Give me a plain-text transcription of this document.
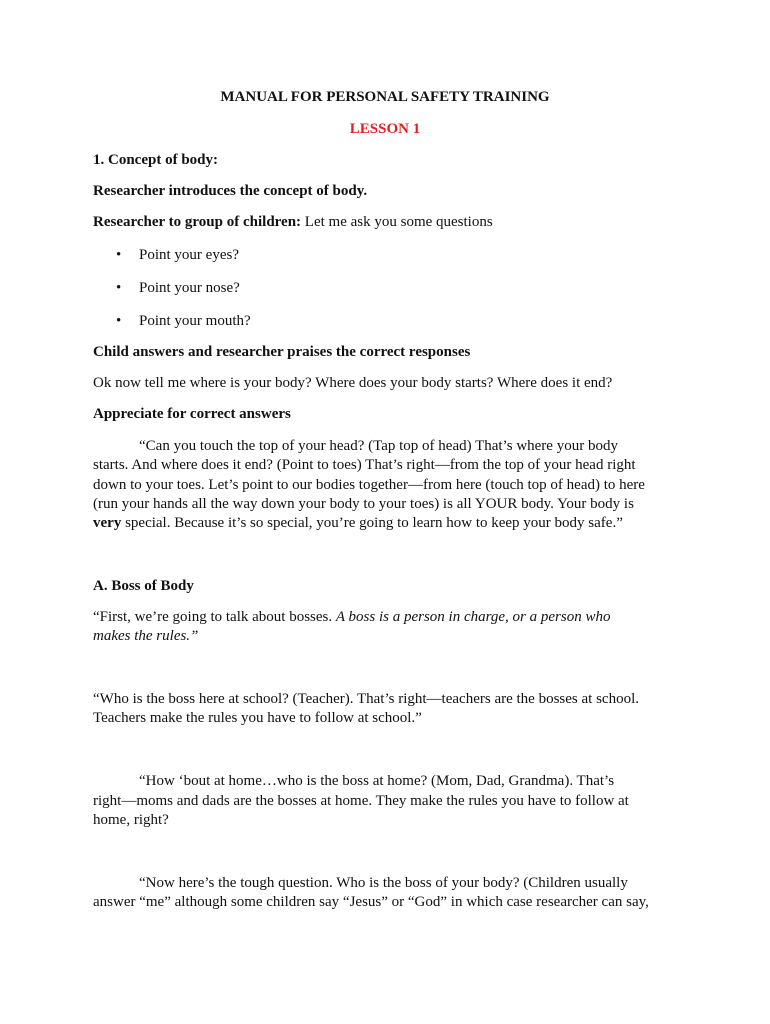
MANUAL FOR PERSONAL SAFETY TRAINING
LESSON 1
1. Concept of body:
Researcher introduces the concept of body.
Researcher to group of children: Let me ask you some questions
• Point your eyes?
• Point your nose?
• Point your mouth?
Child answers and researcher praises the correct responses
Ok now tell me where is your body? Where does your body starts? Where does it end?
Appreciate for correct answers
“Can you touch the top of your head? (Tap top of head) That’s where your body
starts. And where does it end? (Point to toes) That’s right—from the top of your head right
down to your toes. Let’s point to our bodies together—from here (touch top of head) to here
(run your hands all the way down your body to your toes) is all YOUR body. Your body is
very special. Because it’s so special, you’re going to learn how to keep your body safe.”
A. Boss of Body
“First, we’re going to talk about bosses. A boss is a person in charge, or a person who
makes the rules.”
“Who is the boss here at school? (Teacher). That’s right—teachers are the bosses at school.
Teachers make the rules you have to follow at school.”
“How ‘bout at home…who is the boss at home? (Mom, Dad, Grandma). That’s
right—moms and dads are the bosses at home. They make the rules you have to follow at
home, right?
“Now here’s the tough question. Who is the boss of your body? (Children usually
answer “me” although some children say “Jesus” or “God” in which case researcher can say,
